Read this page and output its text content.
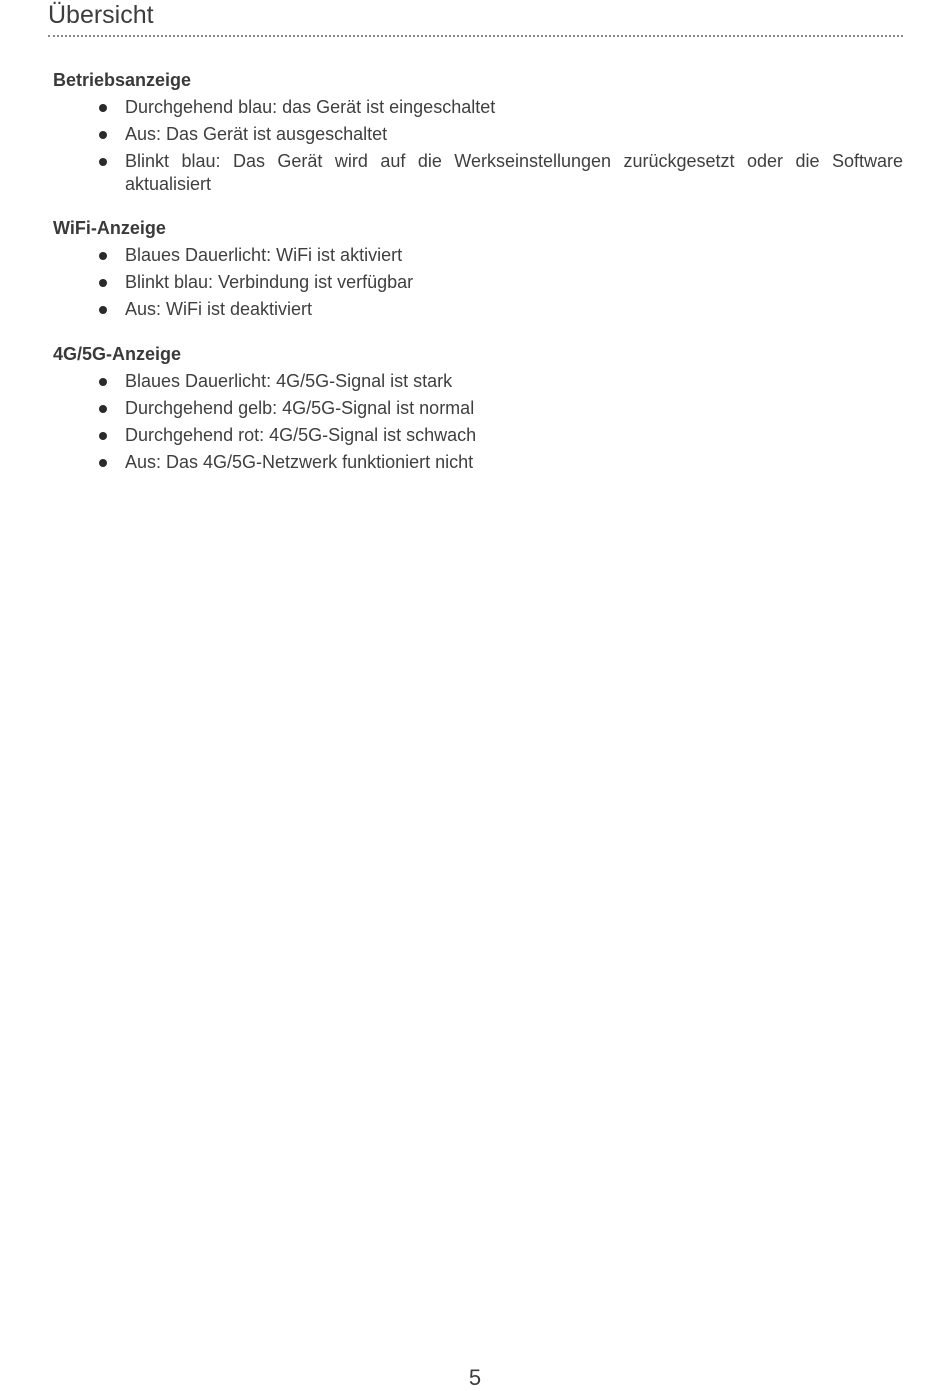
Übersicht

Betriebsanzeige

Durchgehend blau: das Gerät ist eingeschaltet
Aus: Das Gerät ist ausgeschaltet
Blinkt blau: Das Gerät wird auf die Werkseinstellungen zurückgesetzt oder die Software aktualisiert

WiFi-Anzeige

Blaues Dauerlicht: WiFi ist aktiviert
Blinkt blau: Verbindung ist verfügbar
Aus: WiFi ist deaktiviert

4G/5G-Anzeige

Blaues Dauerlicht: 4G/5G-Signal ist stark
Durchgehend gelb: 4G/5G-Signal ist normal
Durchgehend rot: 4G/5G-Signal ist schwach
Aus: Das 4G/5G-Netzwerk funktioniert nicht
5
